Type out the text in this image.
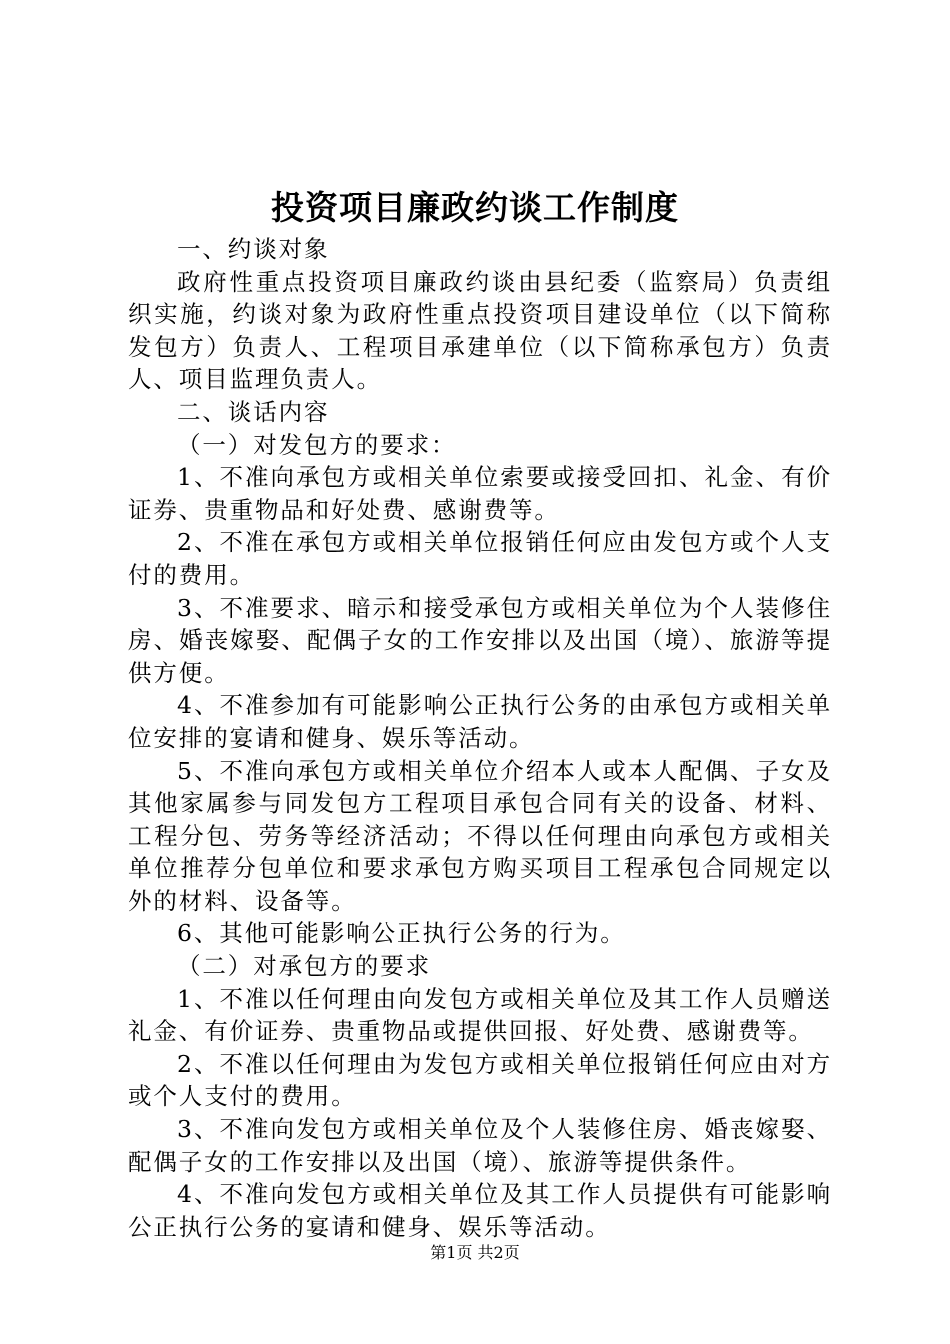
投资项目廉政约谈工作制度

一、约谈对象

政府性重点投资项目廉政约谈由县纪委（监察局）负责组织实施，约谈对象为政府性重点投资项目建设单位（以下简称发包方）负责人、工程项目承建单位（以下简称承包方）负责人、项目监理负责人。

二、谈话内容

（一）对发包方的要求：

1、不准向承包方或相关单位索要或接受回扣、礼金、有价证券、贵重物品和好处费、感谢费等。

2、不准在承包方或相关单位报销任何应由发包方或个人支付的费用。

3、不准要求、暗示和接受承包方或相关单位为个人装修住房、婚丧嫁娶、配偶子女的工作安排以及出国（境）、旅游等提供方便。

4、不准参加有可能影响公正执行公务的由承包方或相关单位安排的宴请和健身、娱乐等活动。

5、不准向承包方或相关单位介绍本人或本人配偶、子女及其他家属参与同发包方工程项目承包合同有关的设备、材料、工程分包、劳务等经济活动；不得以任何理由向承包方或相关单位推荐分包单位和要求承包方购买项目工程承包合同规定以外的材料、设备等。

6、其他可能影响公正执行公务的行为。

（二）对承包方的要求

1、不准以任何理由向发包方或相关单位及其工作人员赠送礼金、有价证券、贵重物品或提供回报、好处费、感谢费等。

2、不准以任何理由为发包方或相关单位报销任何应由对方或个人支付的费用。

3、不准向发包方或相关单位及个人装修住房、婚丧嫁娶、配偶子女的工作安排以及出国（境）、旅游等提供条件。

4、不准向发包方或相关单位及其工作人员提供有可能影响公正执行公务的宴请和健身、娱乐等活动。

第1页 共2页
